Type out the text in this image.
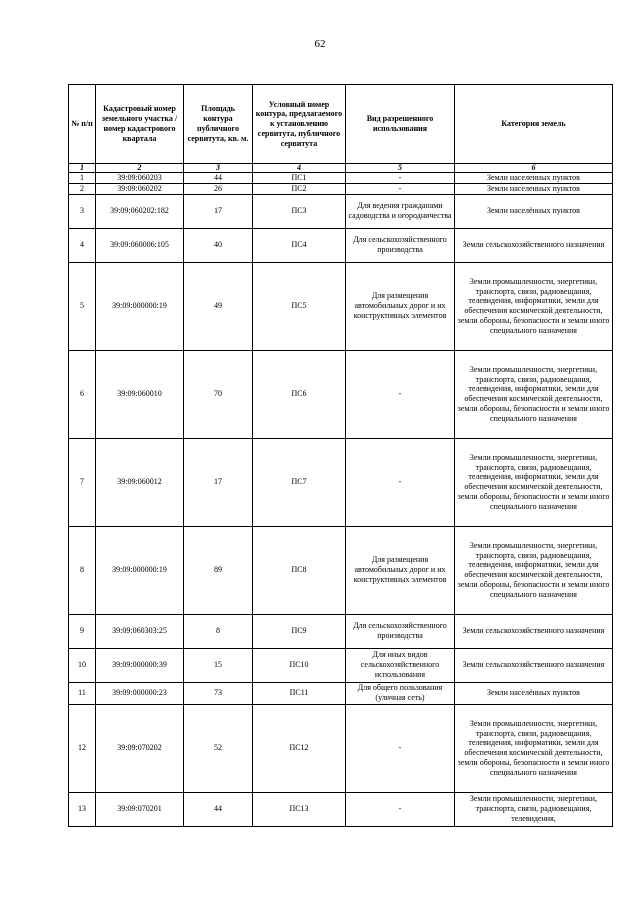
62
№ п/п	Кадастровый номер земельного участка /номер кадастрового квартала	Площадь контура публичного сервитута, кв. м.	Условный номер контура, предлагаемого к установлению сервитута, публичного сервитута	Вид разрешенного использования	Категория земель
1	2	3	4	5	6
1	39:09:060203	44	ПС1	-	Земли населенных пунктов
2	39:09:060202	26	ПС2	-	Земли населенных пунктов
3	39:09:060202:182	17	ПС3	Для ведения гражданами садоводства и огородничества	Земли населённых пунктов
4	39:09:060006:105	40	ПС4	Для сельскохозяйственного производства	Земли сельскохозяйственного назначения
5	39:09:000000:19	49	ПС5	Для размещения автомобильных дорог и их конструктивных элементов	Земли промышленности, энергетики, транспорта, связи, радиовещания, телевидения, информатики, земли для обеспечения космической деятельности, земли обороны, безопасности и земли иного специального назначения
6	39:09:060010	70	ПС6	-	Земли промышленности, энергетики, транспорта, связи, радиовещания, телевидения, информатики, земли для обеспечения космической деятельности, земли обороны, безопасности и земли иного специального назначения
7	39:09:060012	17	ПС7	-	Земли промышленности, энергетики, транспорта, связи, радиовещания, телевидения, информатики, земли для обеспечения космической деятельности, земли обороны, безопасности и земли иного специального назначения
8	39:09:000000:19	89	ПС8	Для размещения автомобильных дорог и их конструктивных элементов	Земли промышленности, энергетики, транспорта, связи, радиовещания, телевидения, информатики, земли для обеспечения космической деятельности, земли обороны, безопасности и земли иного специального назначения
9	39:09:060303:25	8	ПС9	Для сельскохозяйственного производства	Земли сельскохозяйственного назначения
10	39:09:000000:39	15	ПС10	Для иных видов сельскохозяйственного использования	Земли сельскохозяйственного назначения
11	39:09:000000:23	73	ПС11	Для общего пользования (уличная сеть)	Земли населённых пунктов
12	39:09:070202	52	ПС12	-	Земли промышленности, энергетики, транспорта, связи, радиовещания, телевидения, информатики, земли для обеспечения космической деятельности, земли обороны, безопасности и земли иного специального назначения
13	39:09:070201	44	ПС13	-	Земли промышленности, энергетики, транспорта, связи, радиовещания, телевидения,
